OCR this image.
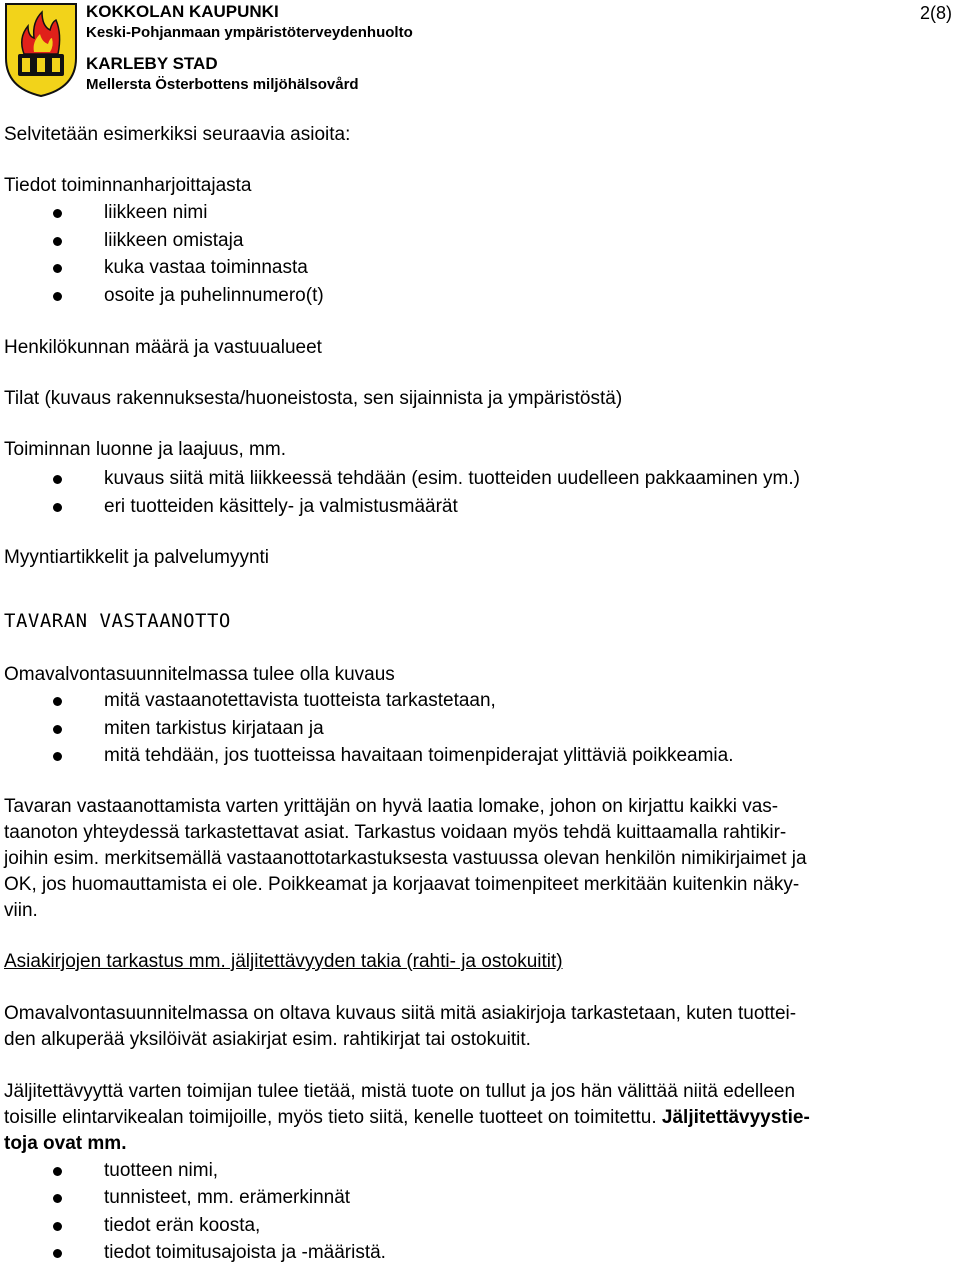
KOKKOLAN KAUPUNKI
Keski-Pohjanmaan ympäristöterveydenhuolto
KARLEBY STAD
Mellersta Österbottens miljöhälsovård
2(8)
Selvitetään esimerkiksi seuraavia asioita:
Tiedot toiminnanharjoittajasta
liikkeen nimi
liikkeen omistaja
kuka vastaa toiminnasta
osoite ja puhelinnumero(t)
Henkilökunnan määrä ja vastuualueet
Tilat (kuvaus rakennuksesta/huoneistosta, sen sijainnista ja ympäristöstä)
Toiminnan luonne ja laajuus, mm.
kuvaus siitä mitä liikkeessä tehdään (esim. tuotteiden uudelleen pakkaaminen ym.)
eri tuotteiden käsittely- ja valmistusmäärät
Myyntiartikkelit ja palvelumyynti
TAVARAN VASTAANOTTO
Omavalvontasuunnitelmassa tulee olla kuvaus
mitä vastaanotettavista tuotteista tarkastetaan,
miten tarkistus kirjataan ja
mitä tehdään, jos tuotteissa havaitaan toimenpiderajat ylittäviä poikkeamia.
Tavaran vastaanottamista varten yrittäjän on hyvä laatia lomake, johon on kirjattu kaikki vas-
taanoton yhteydessä tarkastettavat asiat. Tarkastus voidaan myös tehdä kuittaamalla rahtikir-
joihin esim. merkitsemällä vastaanottotarkastuksesta vastuussa olevan henkilön nimikirjaimet ja
OK, jos huomauttamista ei ole. Poikkeamat ja korjaavat toimenpiteet merkitään kuitenkin näky-
viin.
Asiakirjojen tarkastus mm. jäljitettävyyden takia (rahti- ja ostokuitit)
Omavalvontasuunnitelmassa on oltava kuvaus siitä mitä asiakirjoja tarkastetaan, kuten tuottei-
den alkuperää yksilöivät asiakirjat esim. rahtikirjat tai ostokuitit.
Jäljitettävyyttä varten toimijan tulee tietää, mistä tuote on tullut ja jos hän välittää niitä edelleen
toisille elintarvikealan toimijoille, myös tieto siitä, kenelle tuotteet on toimitettu. Jäljitettävyystie-
toja ovat mm.
tuotteen nimi,
tunnisteet, mm. erämerkinnät
tiedot erän koosta,
tiedot toimitusajoista ja -määristä.
